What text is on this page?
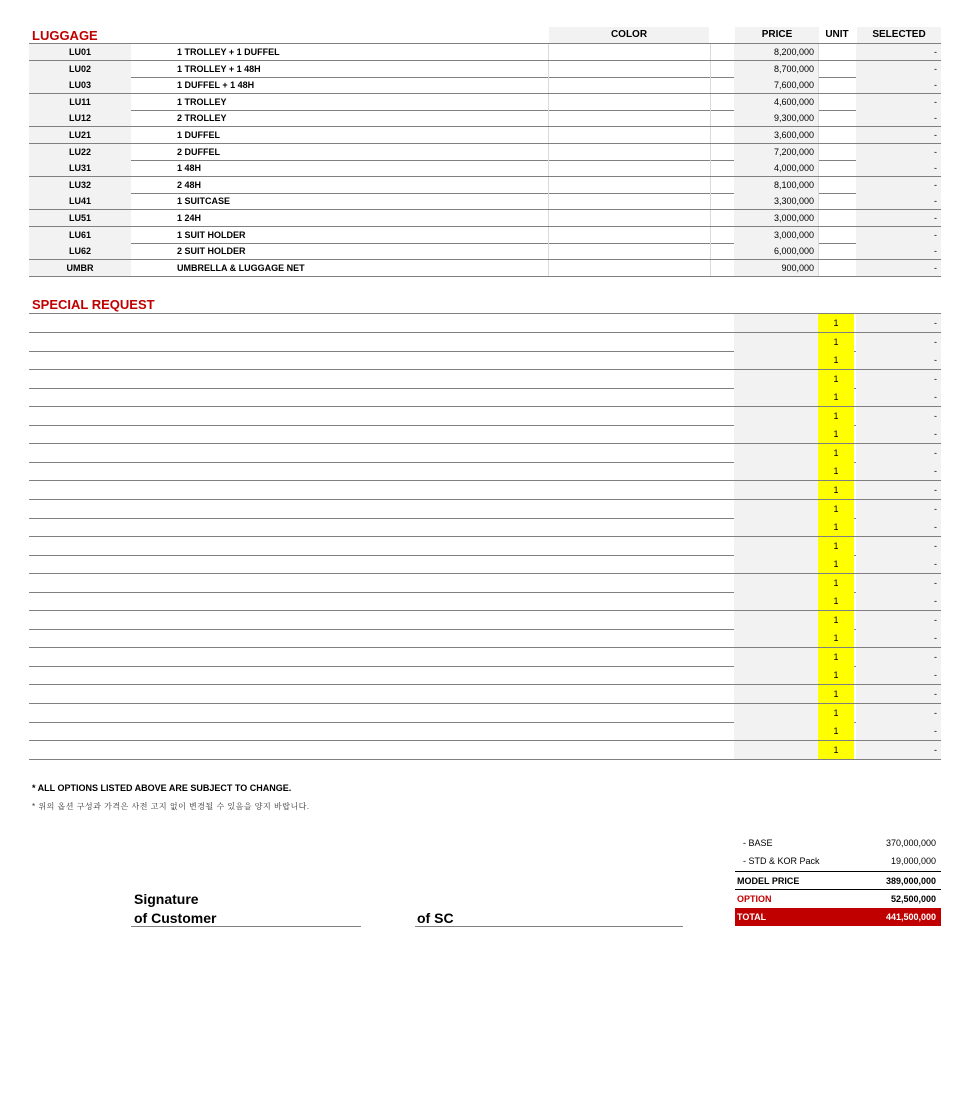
LUGGAGE	COLOR	PRICE	UNIT	SELECTED
LU01	1 TROLLEY + 1 DUFFEL	8,200,000	-
LU02	1 TROLLEY + 1 48H	8,700,000	-
LU03	1 DUFFEL + 1 48H	7,600,000	-
LU11	1 TROLLEY	4,600,000	-
LU12	2 TROLLEY	9,300,000	-
LU21	1 DUFFEL	3,600,000	-
LU22	2 DUFFEL	7,200,000	-
LU31	1 48H	4,000,000	-
LU32	2 48H	8,100,000	-
LU41	1 SUITCASE	3,300,000	-
LU51	1 24H	3,000,000	-
LU61	1 SUIT HOLDER	3,000,000	-
LU62	2 SUIT HOLDER	6,000,000	-
UMBR	UMBRELLA & LUGGAGE NET	900,000	-
SPECIAL REQUEST
1	-
1	-
1	-
1	-
1	-
1	-
1	-
1	-
1	-
1	-
1	-
1	-
1	-
1	-
1	-
1	-
1	-
1	-
1	-
1	-
1	-
1	-
1	-
1	-
* ALL OPTIONS LISTED ABOVE ARE SUBJECT TO CHANGE.
* 위의 옵션 구성과 가격은 사전 고지 없이 변경될 수 있음을 양지 바랍니다.
Signature
of Customer	of SC
- BASE	370,000,000
- STD & KOR Pack	19,000,000
MODEL PRICE	389,000,000
OPTION	52,500,000
TOTAL	441,500,000
